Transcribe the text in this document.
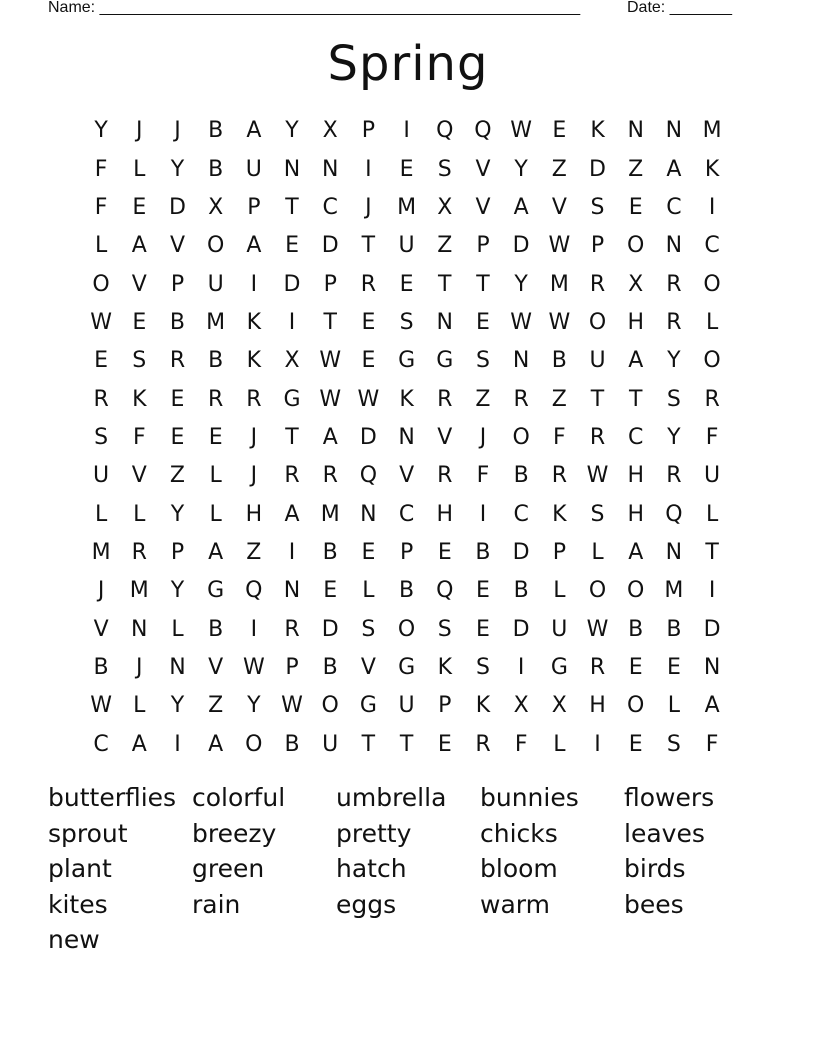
Name: ______________________________________________________	Date: _______
Spring
Y	J	J	B	A	Y	X	P	I	Q Q W E	K	N N M
F	L	Y	B	U N N	I	E	S	V	Y	Z	D	Z	A	K
F	E	D	X	P	T	C	J	M X	V	A	V	S	E	C	I
L	A	V O	A	E	D	T	U	Z	P	D W P	O N	C
O	V	P	U	I	D	P	R	E	T	T	Y M R	X	R O
W E	B M K	I	T	E	S	N	E W W O H	R	L
E	S	R	B	K	X W E	G G	S	N	B	U	A	Y	O
R	K	E	R	R	G W W K	R	Z	R	Z	T	T	S	R
S	F	E	E	J	T	A	D N	V	J	O	F	R	C	Y	F
U	V	Z	L	J	R	R Q	V	R	F	B	R W H	R	U
L	L	Y	L	H	A M N	C	H	I	C	K	S	H Q	L
M R	P	A	Z	I	B	E	P	E	B	D	P	L	A	N	T
J	M Y	G Q N	E	L	B Q	E	B	L	O O M	I
V	N	L	B	I	R	D	S	O	S	E	D U W B	B	D
B	J	N	V W P	B	V	G	K	S	I	G	R	E	E	N
W L	Y	Z	Y W O G U	P	K	X	X	H O	L	A
C	A	I	A O B	U	T	T	E	R	F	L	I	E	S	F
butterflies colorful	umbrella	bunnies	flowers
sprout	breezy	pretty	chicks	leaves
plant	green	hatch	bloom	birds
kites	rain	eggs	warm	bees
new
